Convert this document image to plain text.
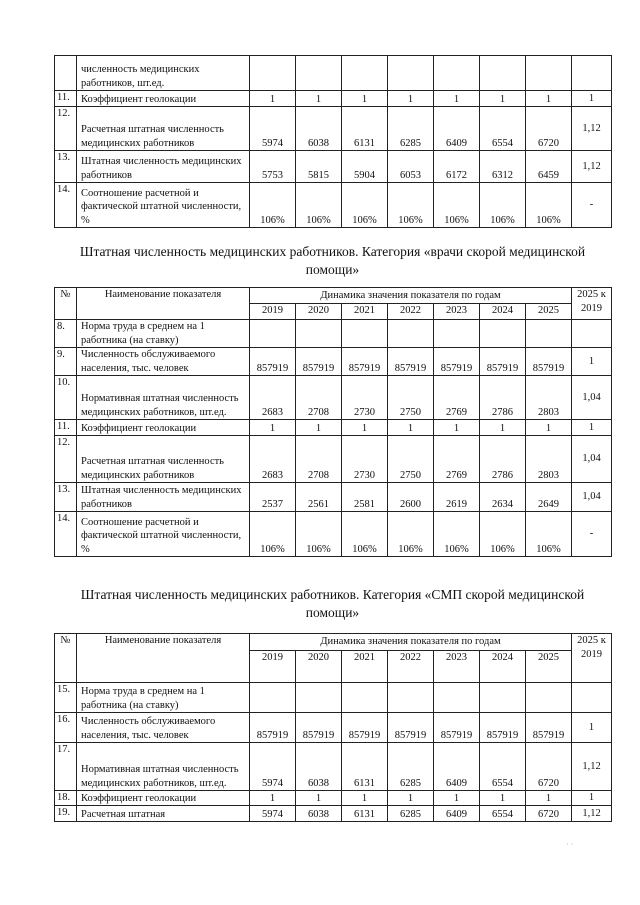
	численность медицинских работников, шт.ед.								
11.	Коэффициент геолокации	1	1	1	1	1	1	1	1
12.	Расчетная штатная численность медицинских работников	5974	6038	6131	6285	6409	6554	6720	1,12
13.	Штатная численность медицинских работников	5753	5815	5904	6053	6172	6312	6459	1,12
14.	Соотношение расчетной и фактической штатной численности, %	106%	106%	106%	106%	106%	106%	106%	-
Штатная численность медицинских работников. Категория «врачи скорой медицинской помощи»
№	Наименование показателя	Динамика значения показателя по годам							2025 к 2019
		2019	2020	2021	2022	2023	2024	2025	
8.	Норма труда в среднем на 1 работника (на ставку)								
9.	Численность обслуживаемого населения, тыс. человек	857919	857919	857919	857919	857919	857919	857919	1
10.	Нормативная штатная численность медицинских работников, шт.ед.	2683	2708	2730	2750	2769	2786	2803	1,04
11.	Коэффициент геолокации	1	1	1	1	1	1	1	1
12.	Расчетная штатная численность медицинских работников	2683	2708	2730	2750	2769	2786	2803	1,04
13.	Штатная численность медицинских работников	2537	2561	2581	2600	2619	2634	2649	1,04
14.	Соотношение расчетной и фактической штатной численности, %	106%	106%	106%	106%	106%	106%	106%	-
Штатная численность медицинских работников. Категория «СМП скорой медицинской помощи»
№	Наименование показателя	Динамика значения показателя по годам							2025 к 2019
		2019	2020	2021	2022	2023	2024	2025	
15.	Норма труда в среднем на 1 работника (на ставку)								
16.	Численность обслуживаемого населения, тыс. человек	857919	857919	857919	857919	857919	857919	857919	1
17.	Нормативная штатная численность медицинских работников, шт.ед.	5974	6038	6131	6285	6409	6554	6720	1,12
18.	Коэффициент геолокации	1	1	1	1	1	1	1	1
19.	Расчетная штатная	5974	6038	6131	6285	6409	6554	6720	1,12
· ·
